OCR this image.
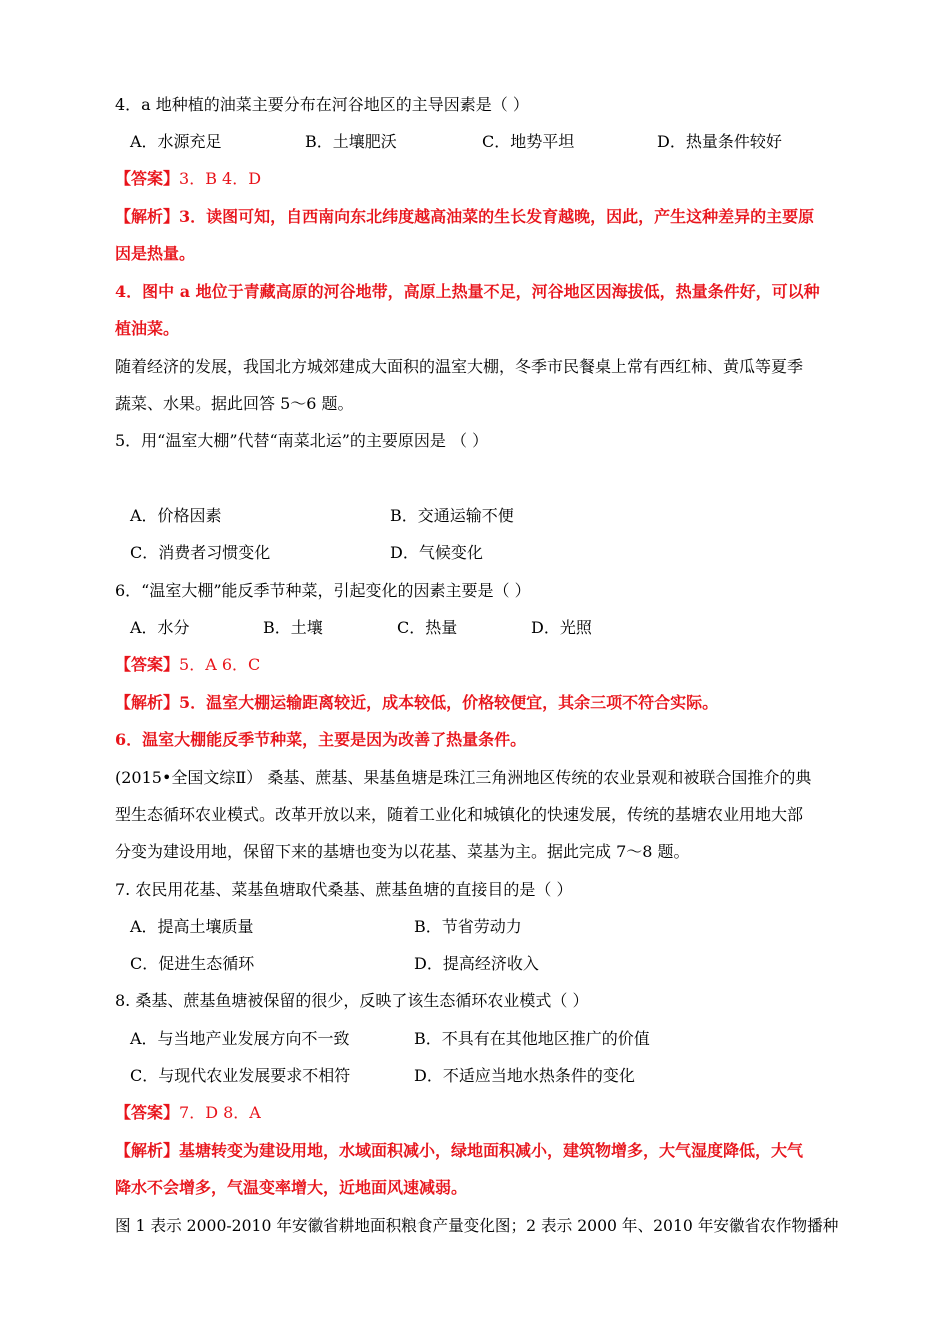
4．a 地种植的油菜主要分布在河谷地区的主导因素是（ ）
A．水源充足	B．土壤肥沃	C．地势平坦	D．热量条件较好
【答案】3．B 4．D
【解析】3．读图可知，自西南向东北纬度越高油菜的生长发育越晚，因此，产生这种差异的主要原
因是热量。
4．图中 a 地位于青藏高原的河谷地带，高原上热量不足，河谷地区因海拔低，热量条件好，可以种
植油菜。
随着经济的发展，我国北方城郊建成大面积的温室大棚，冬季市民餐桌上常有西红柿、黄瓜等夏季
蔬菜、水果。据此回答 5～6 题。
5．用“温室大棚”代替“南菜北运”的主要原因是 （ ）
A．价格因素	B．交通运输不便
C．消费者习惯变化	D．气候变化
6．“温室大棚”能反季节种菜，引起变化的因素主要是（ ）
A．水分	B．土壤	C．热量	D．光照
【答案】5．A 6．C
【解析】5．温室大棚运输距离较近，成本较低，价格较便宜，其余三项不符合实际。
6．温室大棚能反季节种菜，主要是因为改善了热量条件。
(2015•全国文综Ⅱ） 桑基、蔗基、果基鱼塘是珠江三角洲地区传统的农业景观和被联合国推介的典
型生态循环农业模式。改革开放以来，随着工业化和城镇化的快速发展，传统的基塘农业用地大部
分变为建设用地，保留下来的基塘也变为以花基、菜基为主。据此完成 7～8 题。
7. 农民用花基、菜基鱼塘取代桑基、蔗基鱼塘的直接目的是（ ）
A．提高土壤质量	B．节省劳动力
C．促进生态循环	D．提高经济收入
8. 桑基、蔗基鱼塘被保留的很少，反映了该生态循环农业模式（ ）
A．与当地产业发展方向不一致	B．不具有在其他地区推广的价值
C．与现代农业发展要求不相符	D．不适应当地水热条件的变化
【答案】7．D 8．A
【解析】基塘转变为建设用地，水域面积减小，绿地面积减小，建筑物增多，大气湿度降低，大气
降水不会增多，气温变率增大，近地面风速减弱。
图 1 表示 2000-2010 年安徽省耕地面积粮食产量变化图；2 表示 2000 年、2010 年安徽省农作物播种
